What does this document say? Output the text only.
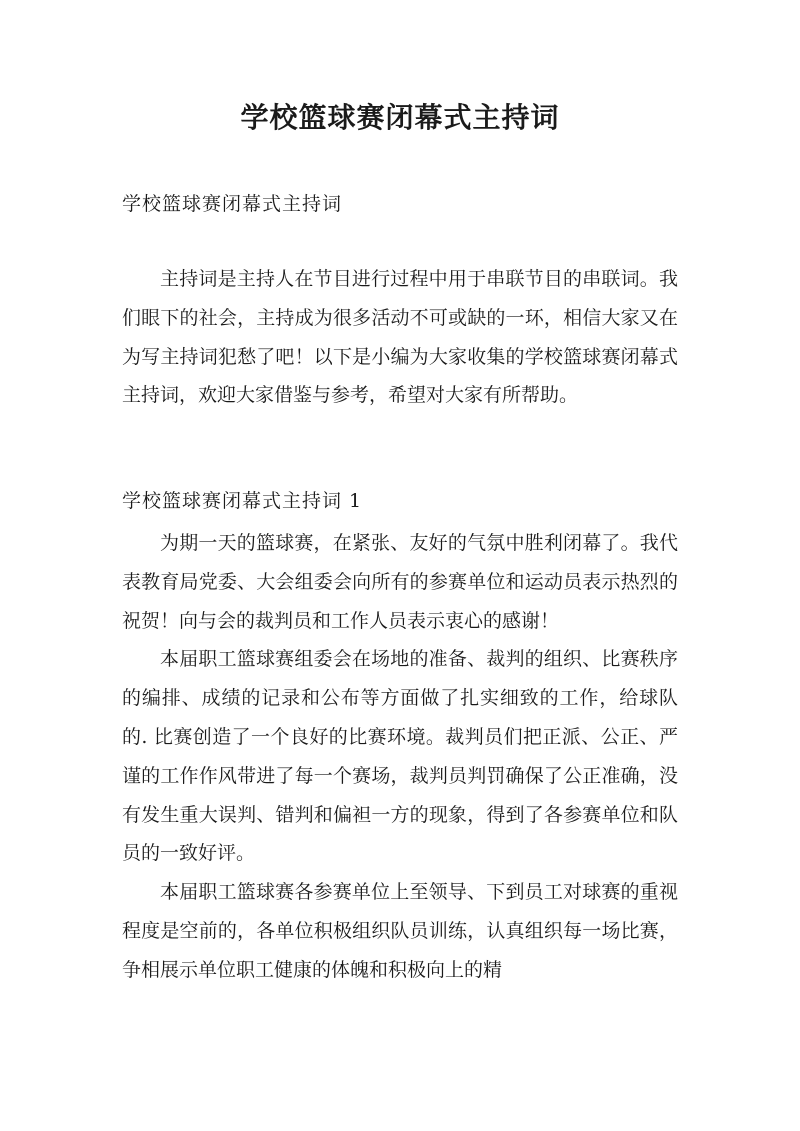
学校篮球赛闭幕式主持词
学校篮球赛闭幕式主持词

主持词是主持人在节目进行过程中用于串联节目的串联词。我们眼下的社会，主持成为很多活动不可或缺的一环，相信大家又在为写主持词犯愁了吧！以下是小编为大家收集的学校篮球赛闭幕式主持词，欢迎大家借鉴与参考，希望对大家有所帮助。

学校篮球赛闭幕式主持词 1

为期一天的篮球赛，在紧张、友好的气氛中胜利闭幕了。我代表教育局党委、大会组委会向所有的参赛单位和运动员表示热烈的祝贺！向与会的裁判员和工作人员表示衷心的感谢！

本届职工篮球赛组委会在场地的准备、裁判的组织、比赛秩序的编排、成绩的记录和公布等方面做了扎实细致的工作，给球队的. 比赛创造了一个良好的比赛环境。裁判员们把正派、公正、严谨的工作作风带进了每一个赛场，裁判员判罚确保了公正准确，没有发生重大误判、错判和偏袒一方的现象，得到了各参赛单位和队员的一致好评。

本届职工篮球赛各参赛单位上至领导、下到员工对球赛的重视程度是空前的，各单位积极组织队员训练，认真组织每一场比赛，争相展示单位职工健康的体魄和积极向上的精
